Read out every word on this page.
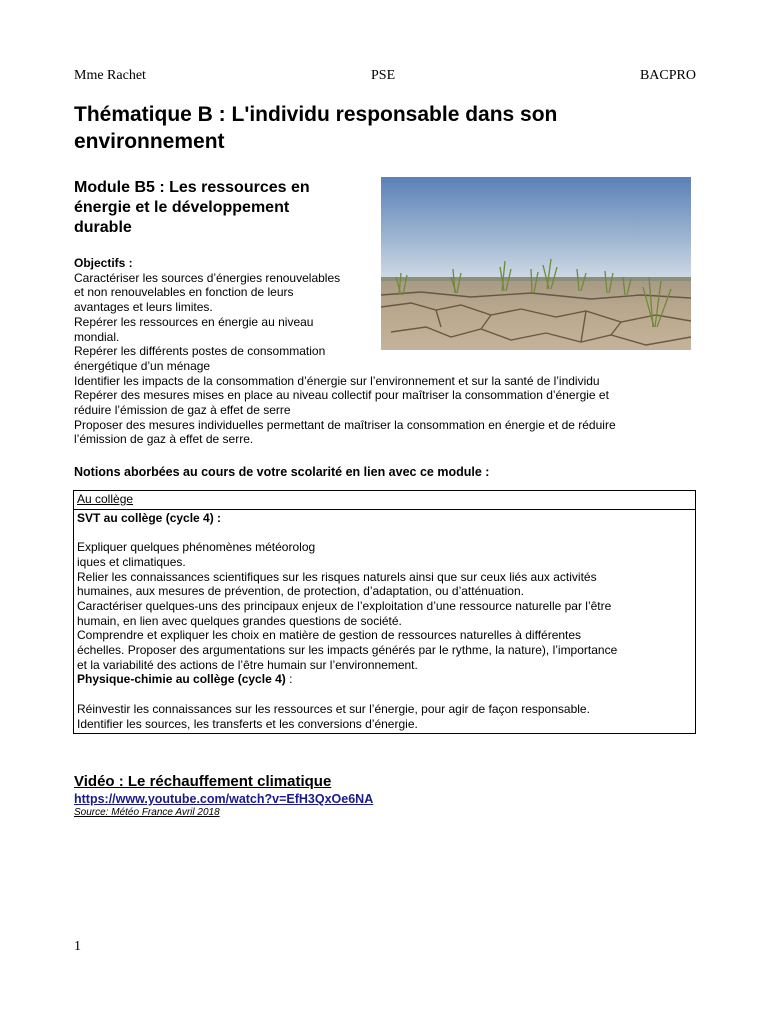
Mme Rachet	PSE	BACPRO
Thématique B : L'individu responsable dans son
environnement
Module B5 : Les ressources en
énergie et le développement
durable
Objectifs :
Caractériser les sources d’énergies renouvelables
et non renouvelables en fonction de leurs
avantages et leurs limites.
Repérer les ressources en énergie au niveau
mondial.
Repérer les différents postes de consommation
énergétique d’un ménage
Identifier les impacts de la consommation d’énergie sur l’environnement et sur la santé de l’individu
Repérer des mesures mises en place au niveau collectif pour maîtriser la consommation d’énergie et
réduire l’émission de gaz à effet de serre
Proposer des mesures individuelles permettant de maîtriser la consommation en énergie et de réduire
l’émission de gaz à effet de serre.

Notions aborbées au cours de votre scolarité en lien avec ce module :

Au collège

SVT au collège (cycle 4) :
Expliquer quelques phénomènes météorolog
iques et climatiques.
Relier les connaissances scientifiques sur les risques naturels ainsi que sur ceux liés aux activités
humaines, aux mesures de prévention, de protection, d’adaptation, ou d’atténuation.
Caractériser quelques-uns des principaux enjeux de l’exploitation d’une ressource naturelle par l’être
humain, en lien avec quelques grandes questions de société.
Comprendre et expliquer les choix en matière de gestion de ressources naturelles à différentes
échelles. Proposer des argumentations sur les impacts générés par le rythme, la nature), l’importance
et la variabilité des actions de l’être humain sur l’environnement.
Physique-chimie au collège (cycle 4) :
Réinvestir les connaissances sur les ressources et sur l’énergie, pour agir de façon responsable.
Identifier les sources, les transferts et les conversions d’énergie.

Vidéo : Le réchauffement climatique

https://www.youtube.com/watch?v=EfH3QxOe6NA
Source: Météo France Avril 2018
1
